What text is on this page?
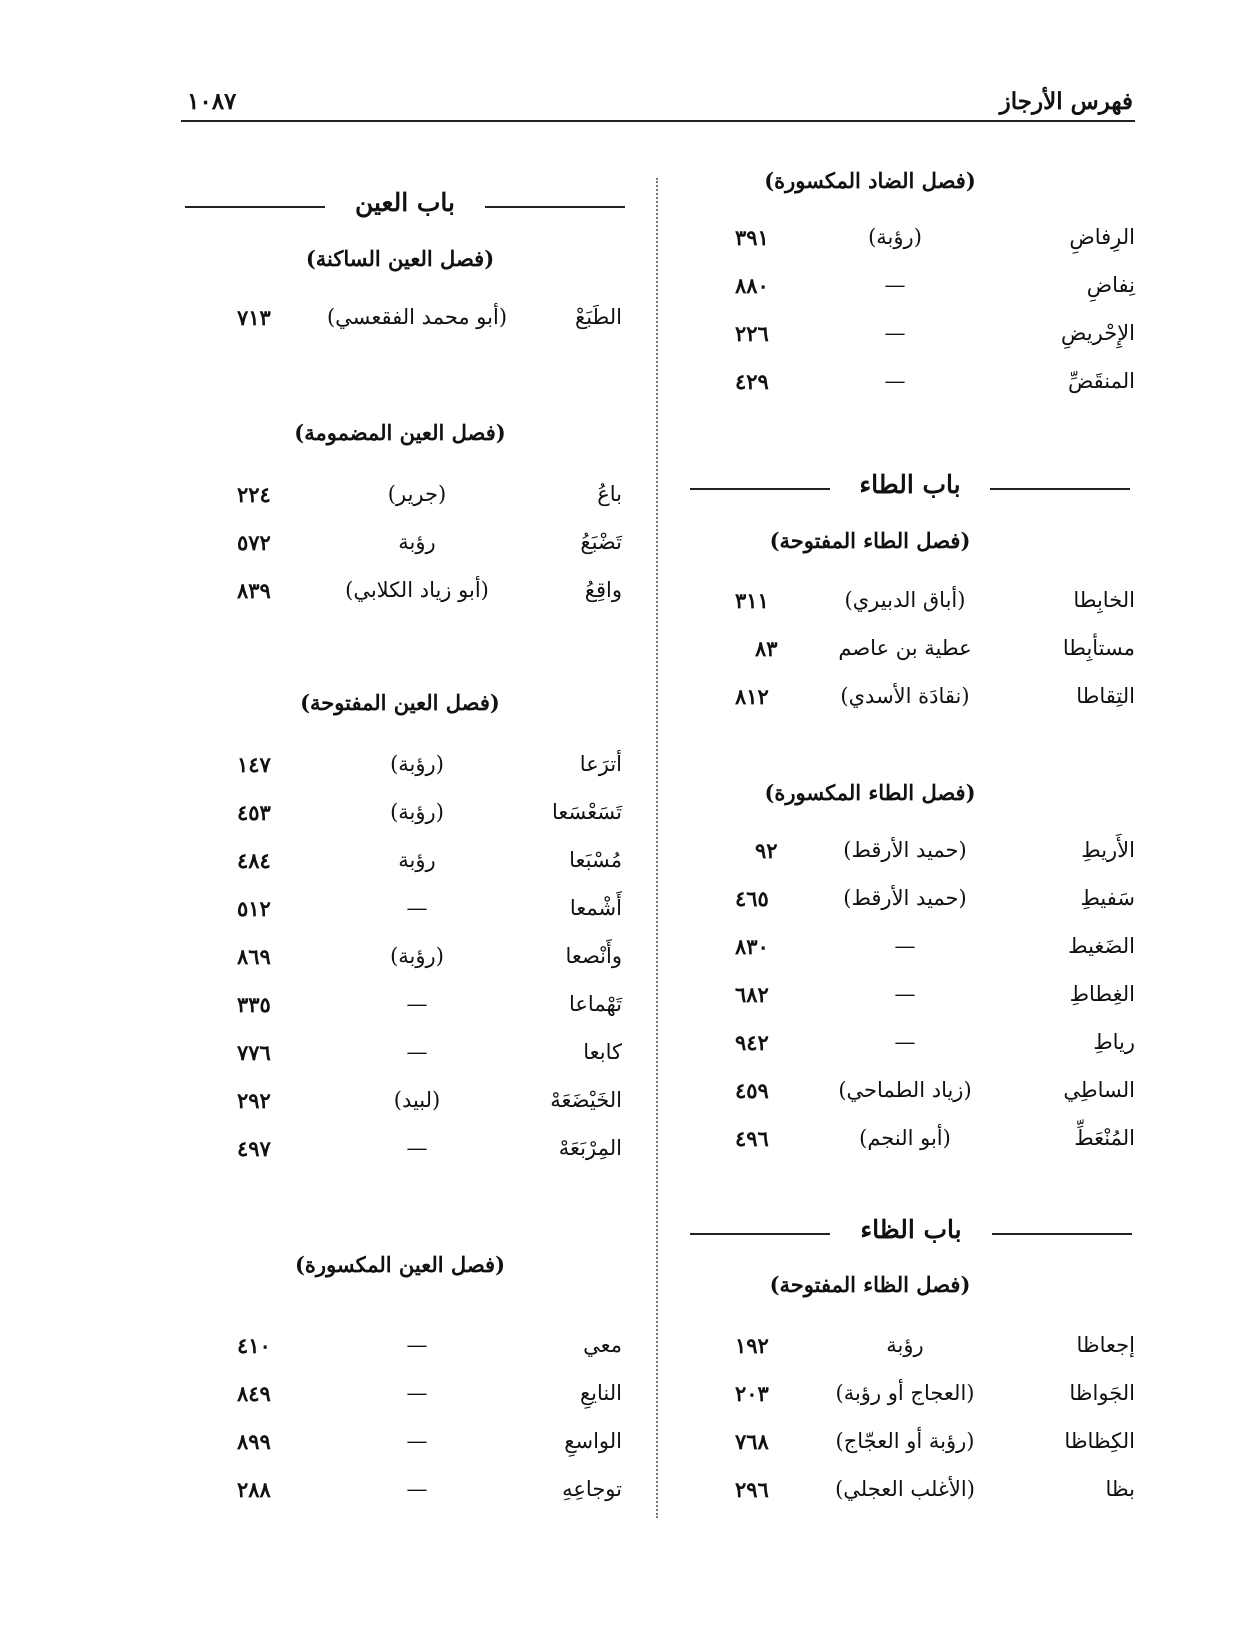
فهرس الأرجاز
١٠٨٧
(فصل الضاد المكسورة)
الرِفاضِ
(رؤبة)
٣٩١
نِفاضِ
—
٨٨٠
الإِحْريضِ
—
٢٢٦
المنقَضِّ
—
٤٢٩
باب الطاء
(فصل الطاء المفتوحة)
الخابِطا
(أباق الدبيري)
٣١١
مستأبِطا
عطية بن عاصم
٨٣
التِقاطا
(نقادَة الأسدي)
٨١٢
(فصل الطاء المكسورة)
الأَريطِ
(حميد الأرقط)
٩٢
سَفيطِ
(حميد الأرقط)
٤٦٥
الضَغيط
—
٨٣٠
الغِطاطِ
—
٦٨٢
رياطِ
—
٩٤٢
الساطِي
(زياد الطماحي)
٤٥٩
المُنْعَطِّ
(أبو النجم)
٤٩٦
باب الظاء
(فصل الظاء المفتوحة)
إجعاظا
رؤبة
١٩٢
الجَواظا
(العجاج أو رؤبة)
٢٠٣
الكِظاظا
(رؤبة أو العجّاج)
٧٦٨
بظا
(الأغلب العجلي)
٢٩٦
باب العين
(فصل العين الساكنة)
الطَبَعْ
(أبو محمد الفقعسي)
٧١٣
(فصل العين المضمومة)
باعُ
(جرير)
٢٢٤
تَضْبَعُ
رؤبة
٥٧٢
واقِعُ
(أبو زياد الكلابي)
٨٣٩
(فصل العين المفتوحة)
أترَعا
(رؤبة)
١٤٧
تَسَعْسَعا
(رؤبة)
٤٥٣
مُسْبَعا
رؤبة
٤٨٤
أَشْمعا
—
٥١٢
وأَنْصعا
(رؤبة)
٨٦٩
تَهْماعا
—
٣٣٥
كابعا
—
٧٧٦
الخَيْضَعَهْ
(لبيد)
٢٩٢
المِرْبَعَهْ
—
٤٩٧
(فصل العين المكسورة)
معي
—
٤١٠
النايعِ
—
٨٤٩
الواسعِ
—
٨٩٩
توجاعِهِ
—
٢٨٨
